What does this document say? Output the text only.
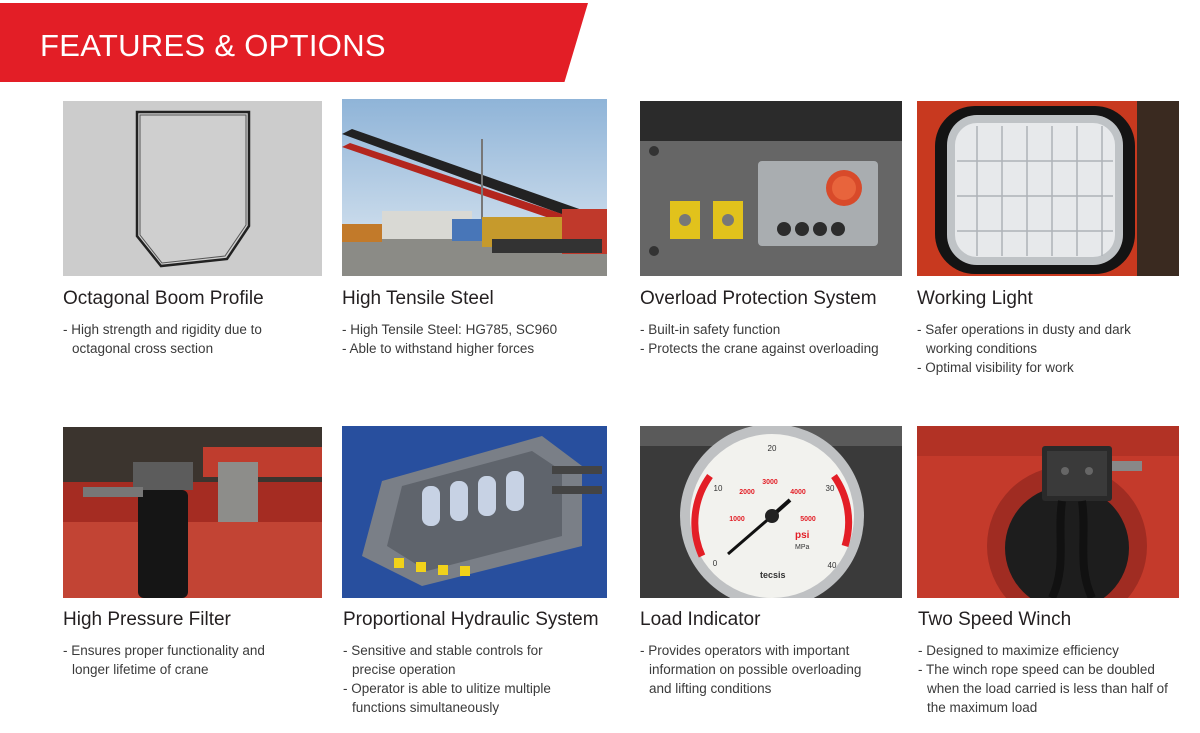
FEATURES & OPTIONS
Octagonal Boom Profile
- High strength and rigidity due to
octagonal cross section
High Tensile Steel
- High Tensile Steel: HG785, SC960
- Able to withstand higher forces
Overload Protection System
- Built-in safety function
- Protects the crane against overloading
Working Light
- Safer operations in dusty and dark
working conditions
- Optimal visibility for work
High Pressure Filter
- Ensures proper functionality and
longer lifetime of crane
Proportional Hydraulic System
- Sensitive and stable controls for
precise operation
- Operator is able to ulitize multiple
functions simultaneously
0
10
20
30
40
1000
2000
3000
4000
5000
psi
MPa
tecsis
Load Indicator
- Provides operators with important
information on possible overloading
and lifting conditions
Two Speed Winch
- Designed to maximize efficiency
- The winch rope speed can be doubled
when the load carried is less than half of
the maximum load
